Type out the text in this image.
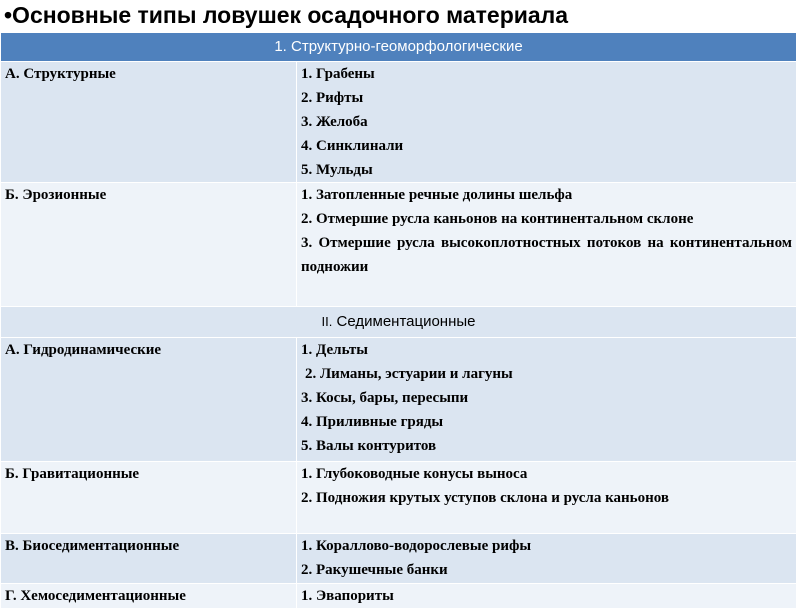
•Основные типы ловушек осадочного материала
1. Структурно-геоморфологические	
А. Структурные	1. Грабены
2. Рифты
3. Желоба
4. Синклинали
5. Мульды

Б. Эрозионные	1. Затопленные речные долины шельфа
2. Отмершие русла каньонов на континентальном склоне
3. Отмершие русла высокоплотностных потоков на континентальном подножии

II. Седиментационные	
А. Гидродинамические	1. Дельты
2. Лиманы, эстуарии и лагуны
3. Косы, бары, пересыпи
4. Приливные гряды
5. Валы контуритов

Б. Гравитационные	1. Глубоководные конусы выноса
2. Подножия крутых уступов склона и русла каньонов

В. Биоседиментационные	1. Кораллово-водорослевые рифы
2. Ракушечные банки

Г. Хемоседиментационные	1. Эвапориты
